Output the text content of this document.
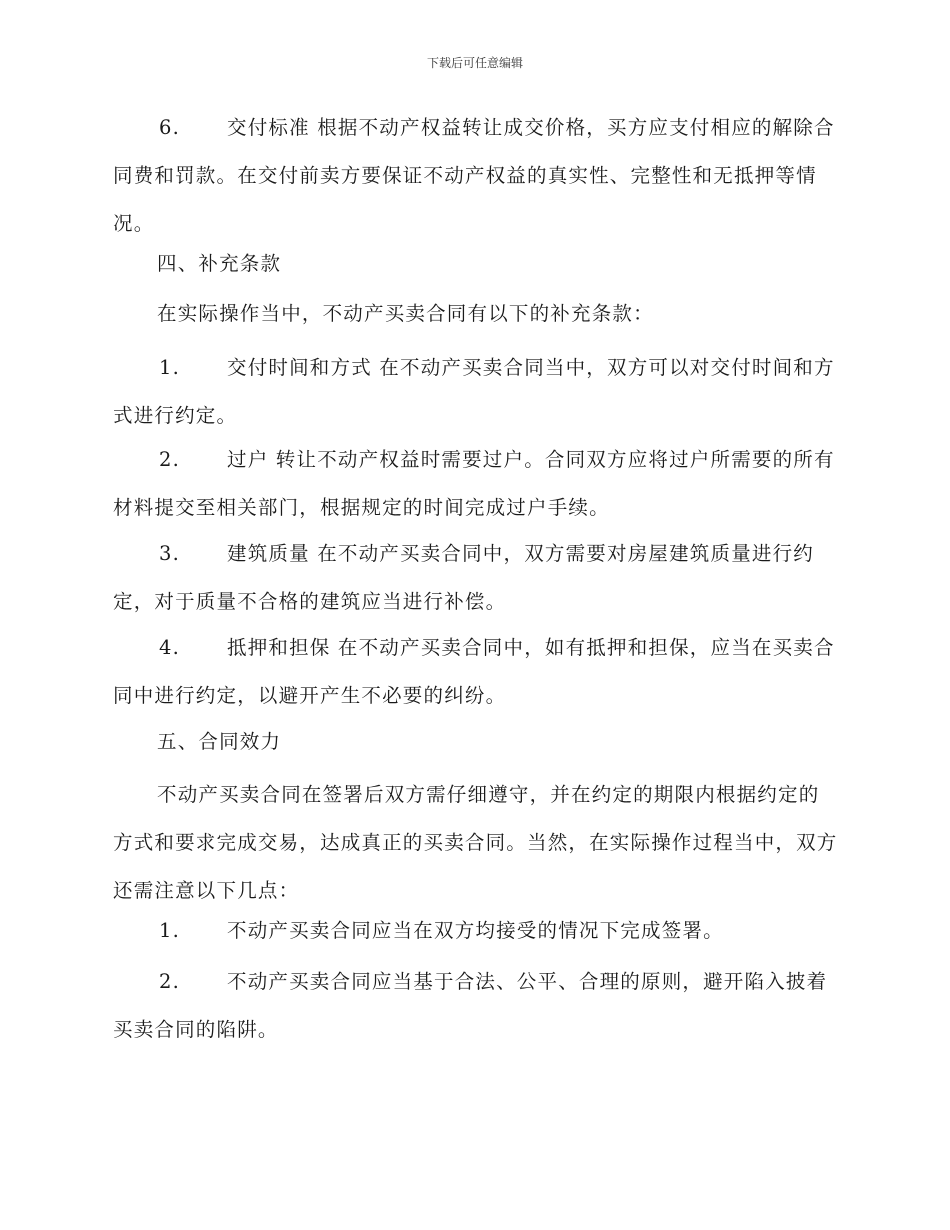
下载后可任意编辑

6. 交付标准 根据不动产权益转让成交价格，买方应支付相应的解除合同费和罚款。在交付前卖方要保证不动产权益的真实性、完整性和无抵押等情况。

四、补充条款

在实际操作当中，不动产买卖合同有以下的补充条款：

1. 交付时间和方式 在不动产买卖合同当中，双方可以对交付时间和方式进行约定。

2. 过户 转让不动产权益时需要过户。合同双方应将过户所需要的所有材料提交至相关部门，根据规定的时间完成过户手续。

3. 建筑质量 在不动产买卖合同中，双方需要对房屋建筑质量进行约定，对于质量不合格的建筑应当进行补偿。

4. 抵押和担保 在不动产买卖合同中，如有抵押和担保，应当在买卖合同中进行约定，以避开产生不必要的纠纷。

五、合同效力

不动产买卖合同在签署后双方需仔细遵守，并在约定的期限内根据约定的方式和要求完成交易，达成真正的买卖合同。当然，在实际操作过程当中，双方还需注意以下几点：

1. 不动产买卖合同应当在双方均接受的情况下完成签署。

2. 不动产买卖合同应当基于合法、公平、合理的原则，避开陷入披着买卖合同的陷阱。
